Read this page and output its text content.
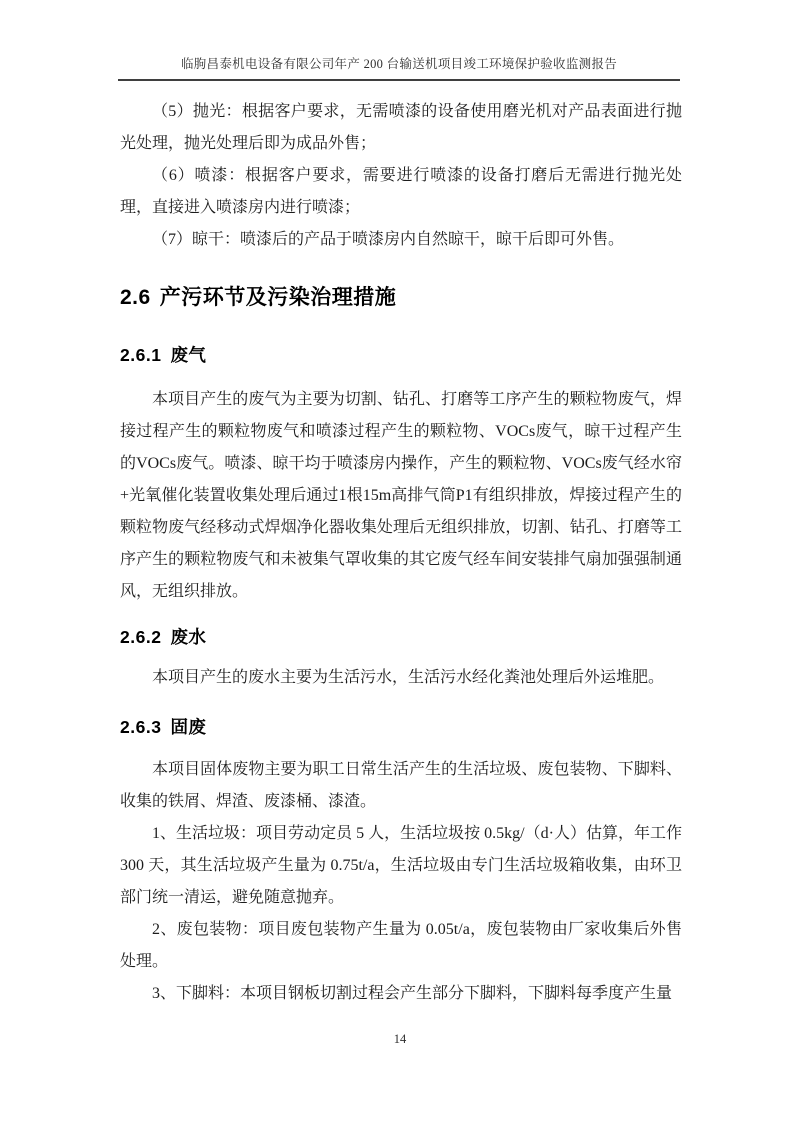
临朐昌泰机电设备有限公司年产 200 台输送机项目竣工环境保护验收监测报告

（5）抛光：根据客户要求，无需喷漆的设备使用磨光机对产品表面进行抛光处理，抛光处理后即为成品外售；

（6）喷漆：根据客户要求，需要进行喷漆的设备打磨后无需进行抛光处理，直接进入喷漆房内进行喷漆；

（7）晾干：喷漆后的产品于喷漆房内自然晾干，晾干后即可外售。

2.6 产污环节及污染治理措施
2.6.1 废气

本项目产生的废气为主要为切割、钻孔、打磨等工序产生的颗粒物废气，焊接过程产生的颗粒物废气和喷漆过程产生的颗粒物、VOCs废气，晾干过程产生的VOCs废气。喷漆、晾干均于喷漆房内操作，产生的颗粒物、VOCs废气经水帘+光氧催化装置收集处理后通过1根15m高排气筒P1有组织排放，焊接过程产生的颗粒物废气经移动式焊烟净化器收集处理后无组织排放，切割、钻孔、打磨等工序产生的颗粒物废气和未被集气罩收集的其它废气经车间安装排气扇加强强制通风，无组织排放。

2.6.2 废水

本项目产生的废水主要为生活污水，生活污水经化粪池处理后外运堆肥。

2.6.3 固废

本项目固体废物主要为职工日常生活产生的生活垃圾、废包装物、下脚料、收集的铁屑、焊渣、废漆桶、漆渣。

1、生活垃圾：项目劳动定员 5 人，生活垃圾按 0.5kg/（d·人）估算，年工作 300 天，其生活垃圾产生量为 0.75t/a，生活垃圾由专门生活垃圾箱收集，由环卫部门统一清运，避免随意抛弃。

2、废包装物：项目废包装物产生量为 0.05t/a，废包装物由厂家收集后外售处理。

3、下脚料：本项目钢板切割过程会产生部分下脚料，下脚料每季度产生量

14
